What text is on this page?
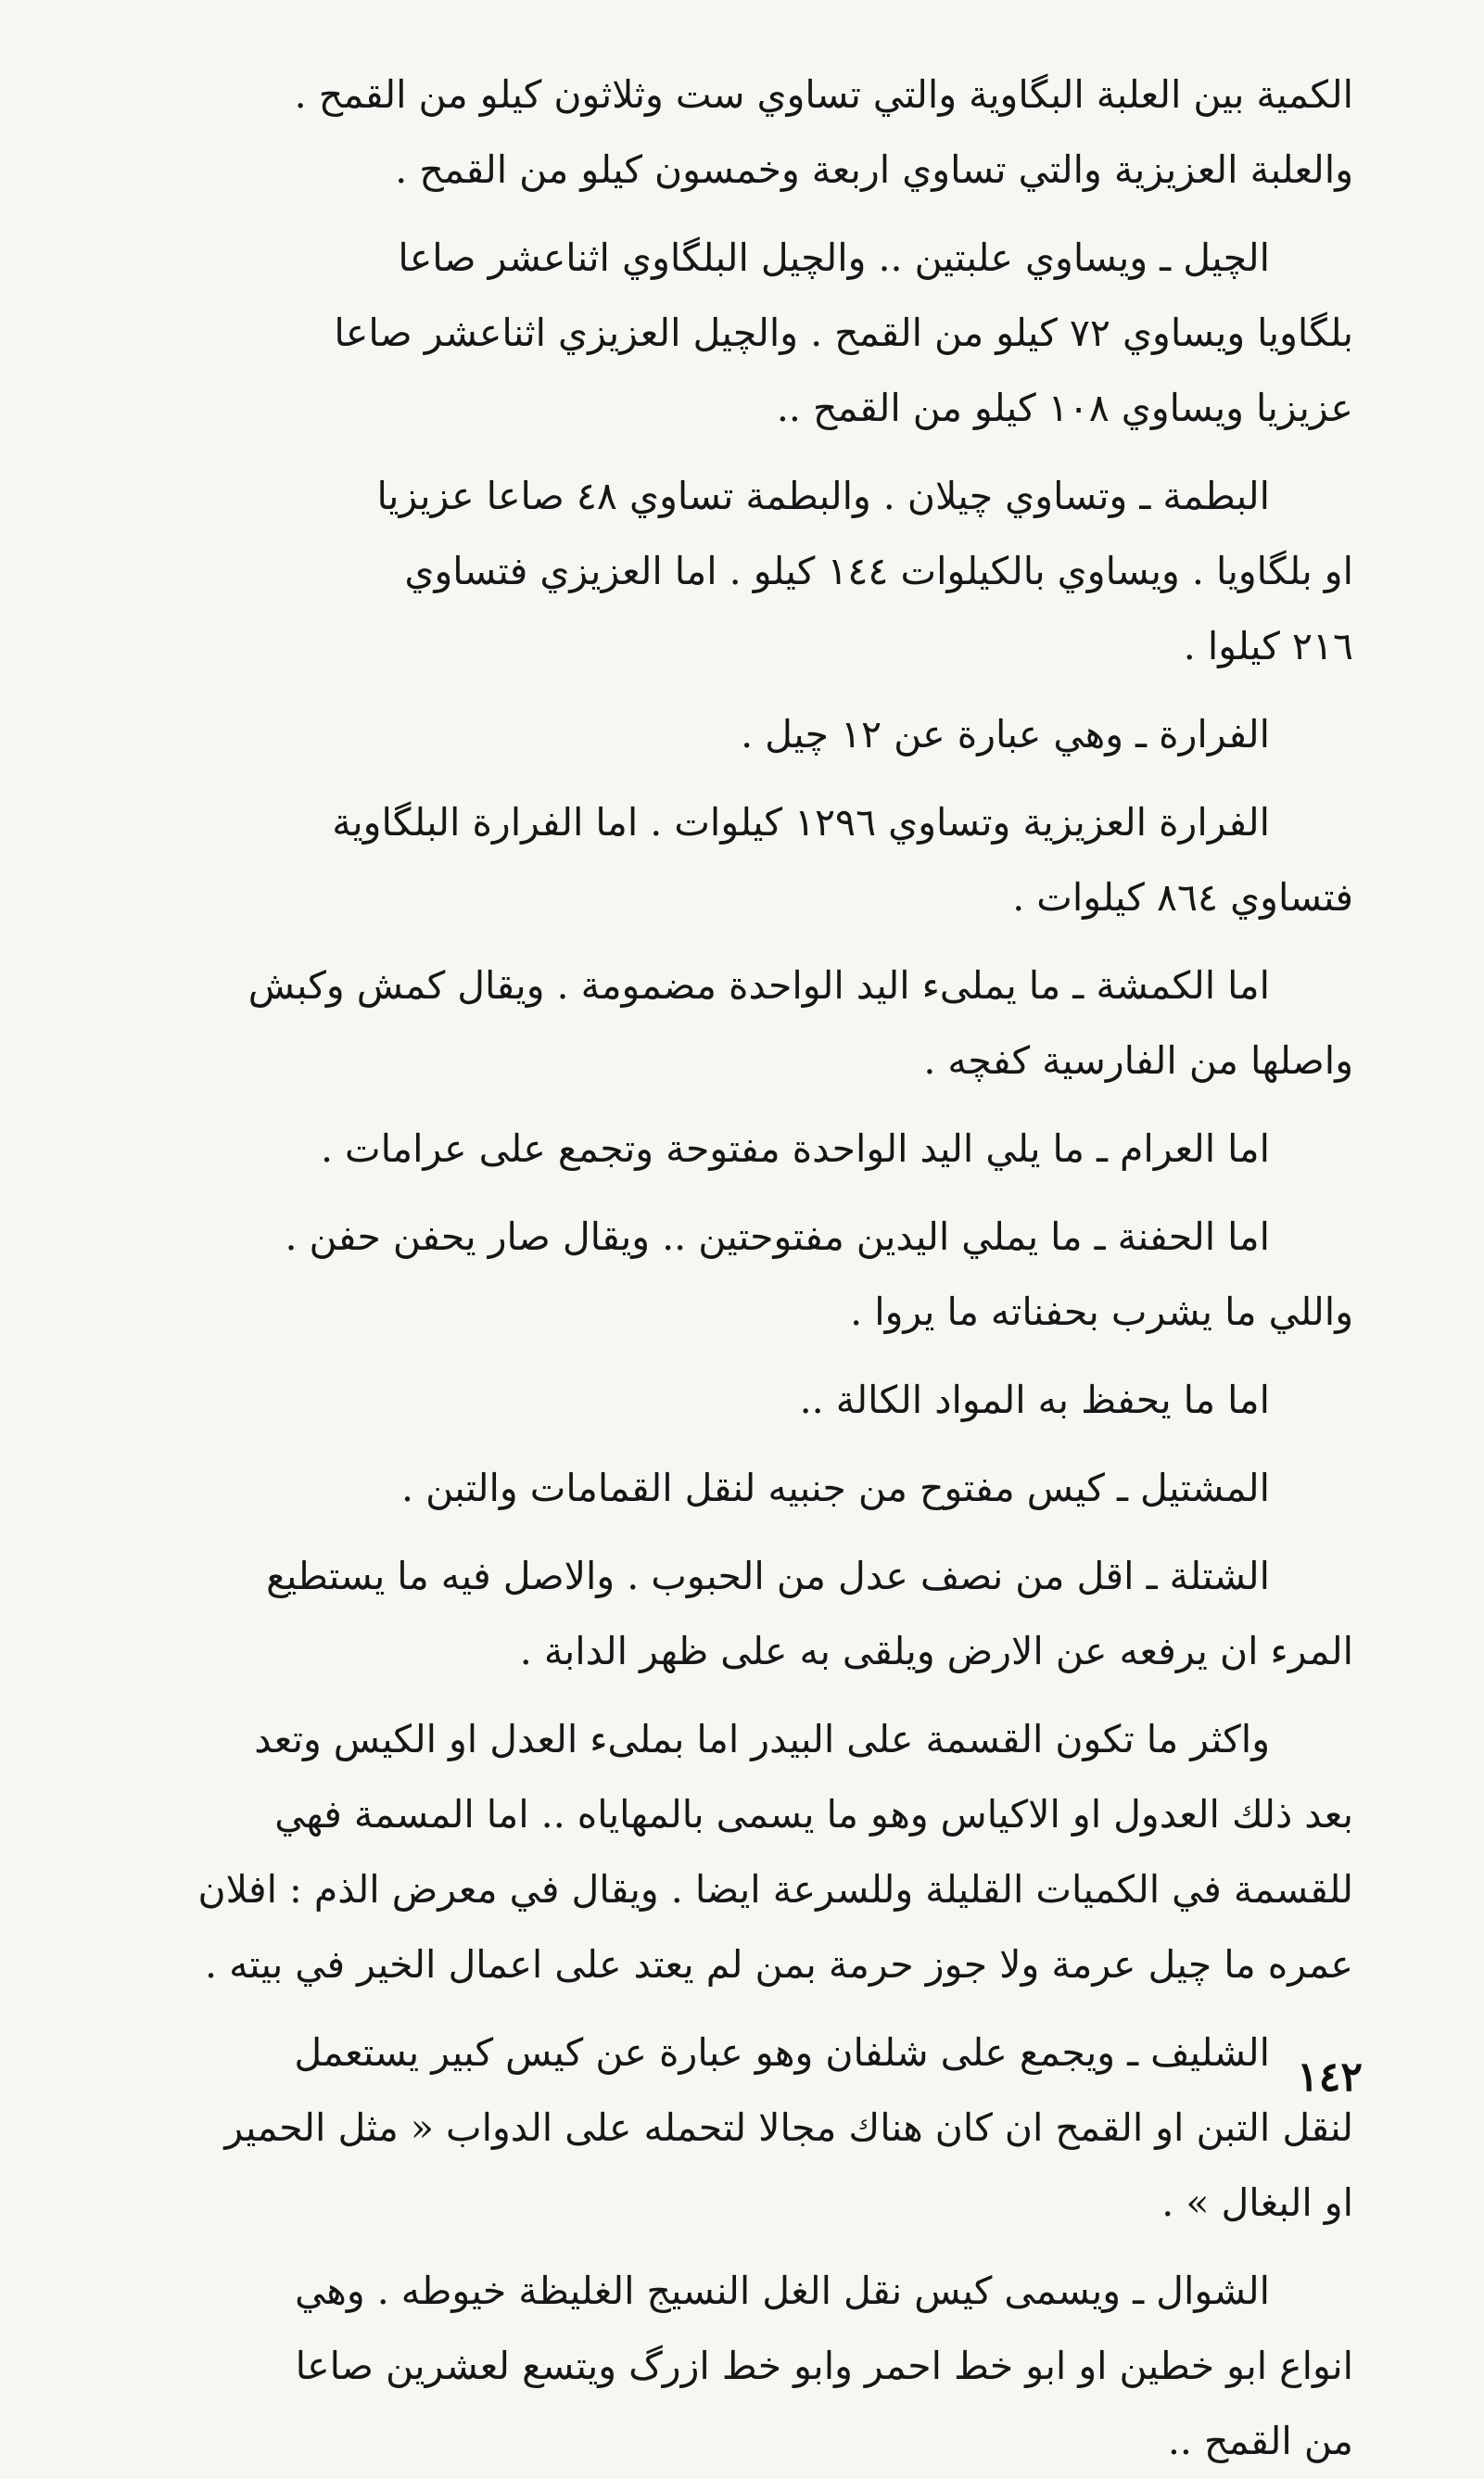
الكمية بين العلبة البگاوية والتي تساوي ست وثلاثون كيلو من القمح .
والعلبة العزيزية والتي تساوي اربعة وخمسون كيلو من القمح .

الچيل ـ ويساوي علبتين .. والچيل البلگاوي اثناعشر صاعا
بلگاويا ويساوي ٧٢ كيلو من القمح . والچيل العزيزي اثناعشر صاعا
عزيزيا ويساوي ١٠٨ كيلو من القمح ..

البطمة ـ وتساوي چيلان . والبطمة تساوي ٤٨ صاعا عزيزيا
او بلگاويا . ويساوي بالكيلوات ١٤٤ كيلو . اما العزيزي فتساوي
٢١٦ كيلوا .

الفرارة ـ وهي عبارة عن ١٢ چيل .

الفرارة العزيزية وتساوي ١٢٩٦ كيلوات . اما الفرارة البلگاوية
فتساوي ٨٦٤ كيلوات .

اما الكمشة ـ ما يملىء اليد الواحدة مضمومة . ويقال كمش وكبش
واصلها من الفارسية كفچه .

اما العرام ـ ما يلي اليد الواحدة مفتوحة وتجمع على عرامات .

اما الحفنة ـ ما يملي اليدين مفتوحتين .. ويقال صار يحفن حفن .
واللي ما يشرب بحفناته ما يروا .

اما ما يحفظ به المواد الكالة ..

المشتيل ـ كيس مفتوح من جنبيه لنقل القمامات والتبن .

الشتلة ـ اقل من نصف عدل من الحبوب . والاصل فيه ما يستطيع
المرء ان يرفعه عن الارض ويلقى به على ظهر الدابة .

واكثر ما تكون القسمة على البيدر اما بملىء العدل او الكيس وتعد
بعد ذلك العدول او الاكياس وهو ما يسمى بالمهاياه .. اما المسمة فهي
للقسمة في الكميات القليلة وللسرعة ايضا . ويقال في معرض الذم : افلان
عمره ما چيل عرمة ولا جوز حرمة بمن لم يعتد على اعمال الخير في بيته .

الشليف ـ ويجمع على شلفان وهو عبارة عن كيس كبير يستعمل
لنقل التبن او القمح ان كان هناك مجالا لتحمله على الدواب « مثل الحمير
او البغال » .

الشوال ـ ويسمى كيس نقل الغل النسيج الغليظة خيوطه . وهي
انواع ابو خطين او ابو خط احمر وابو خط ازرگ ويتسع لعشرين صاعا
من القمح ..

١٤٢
